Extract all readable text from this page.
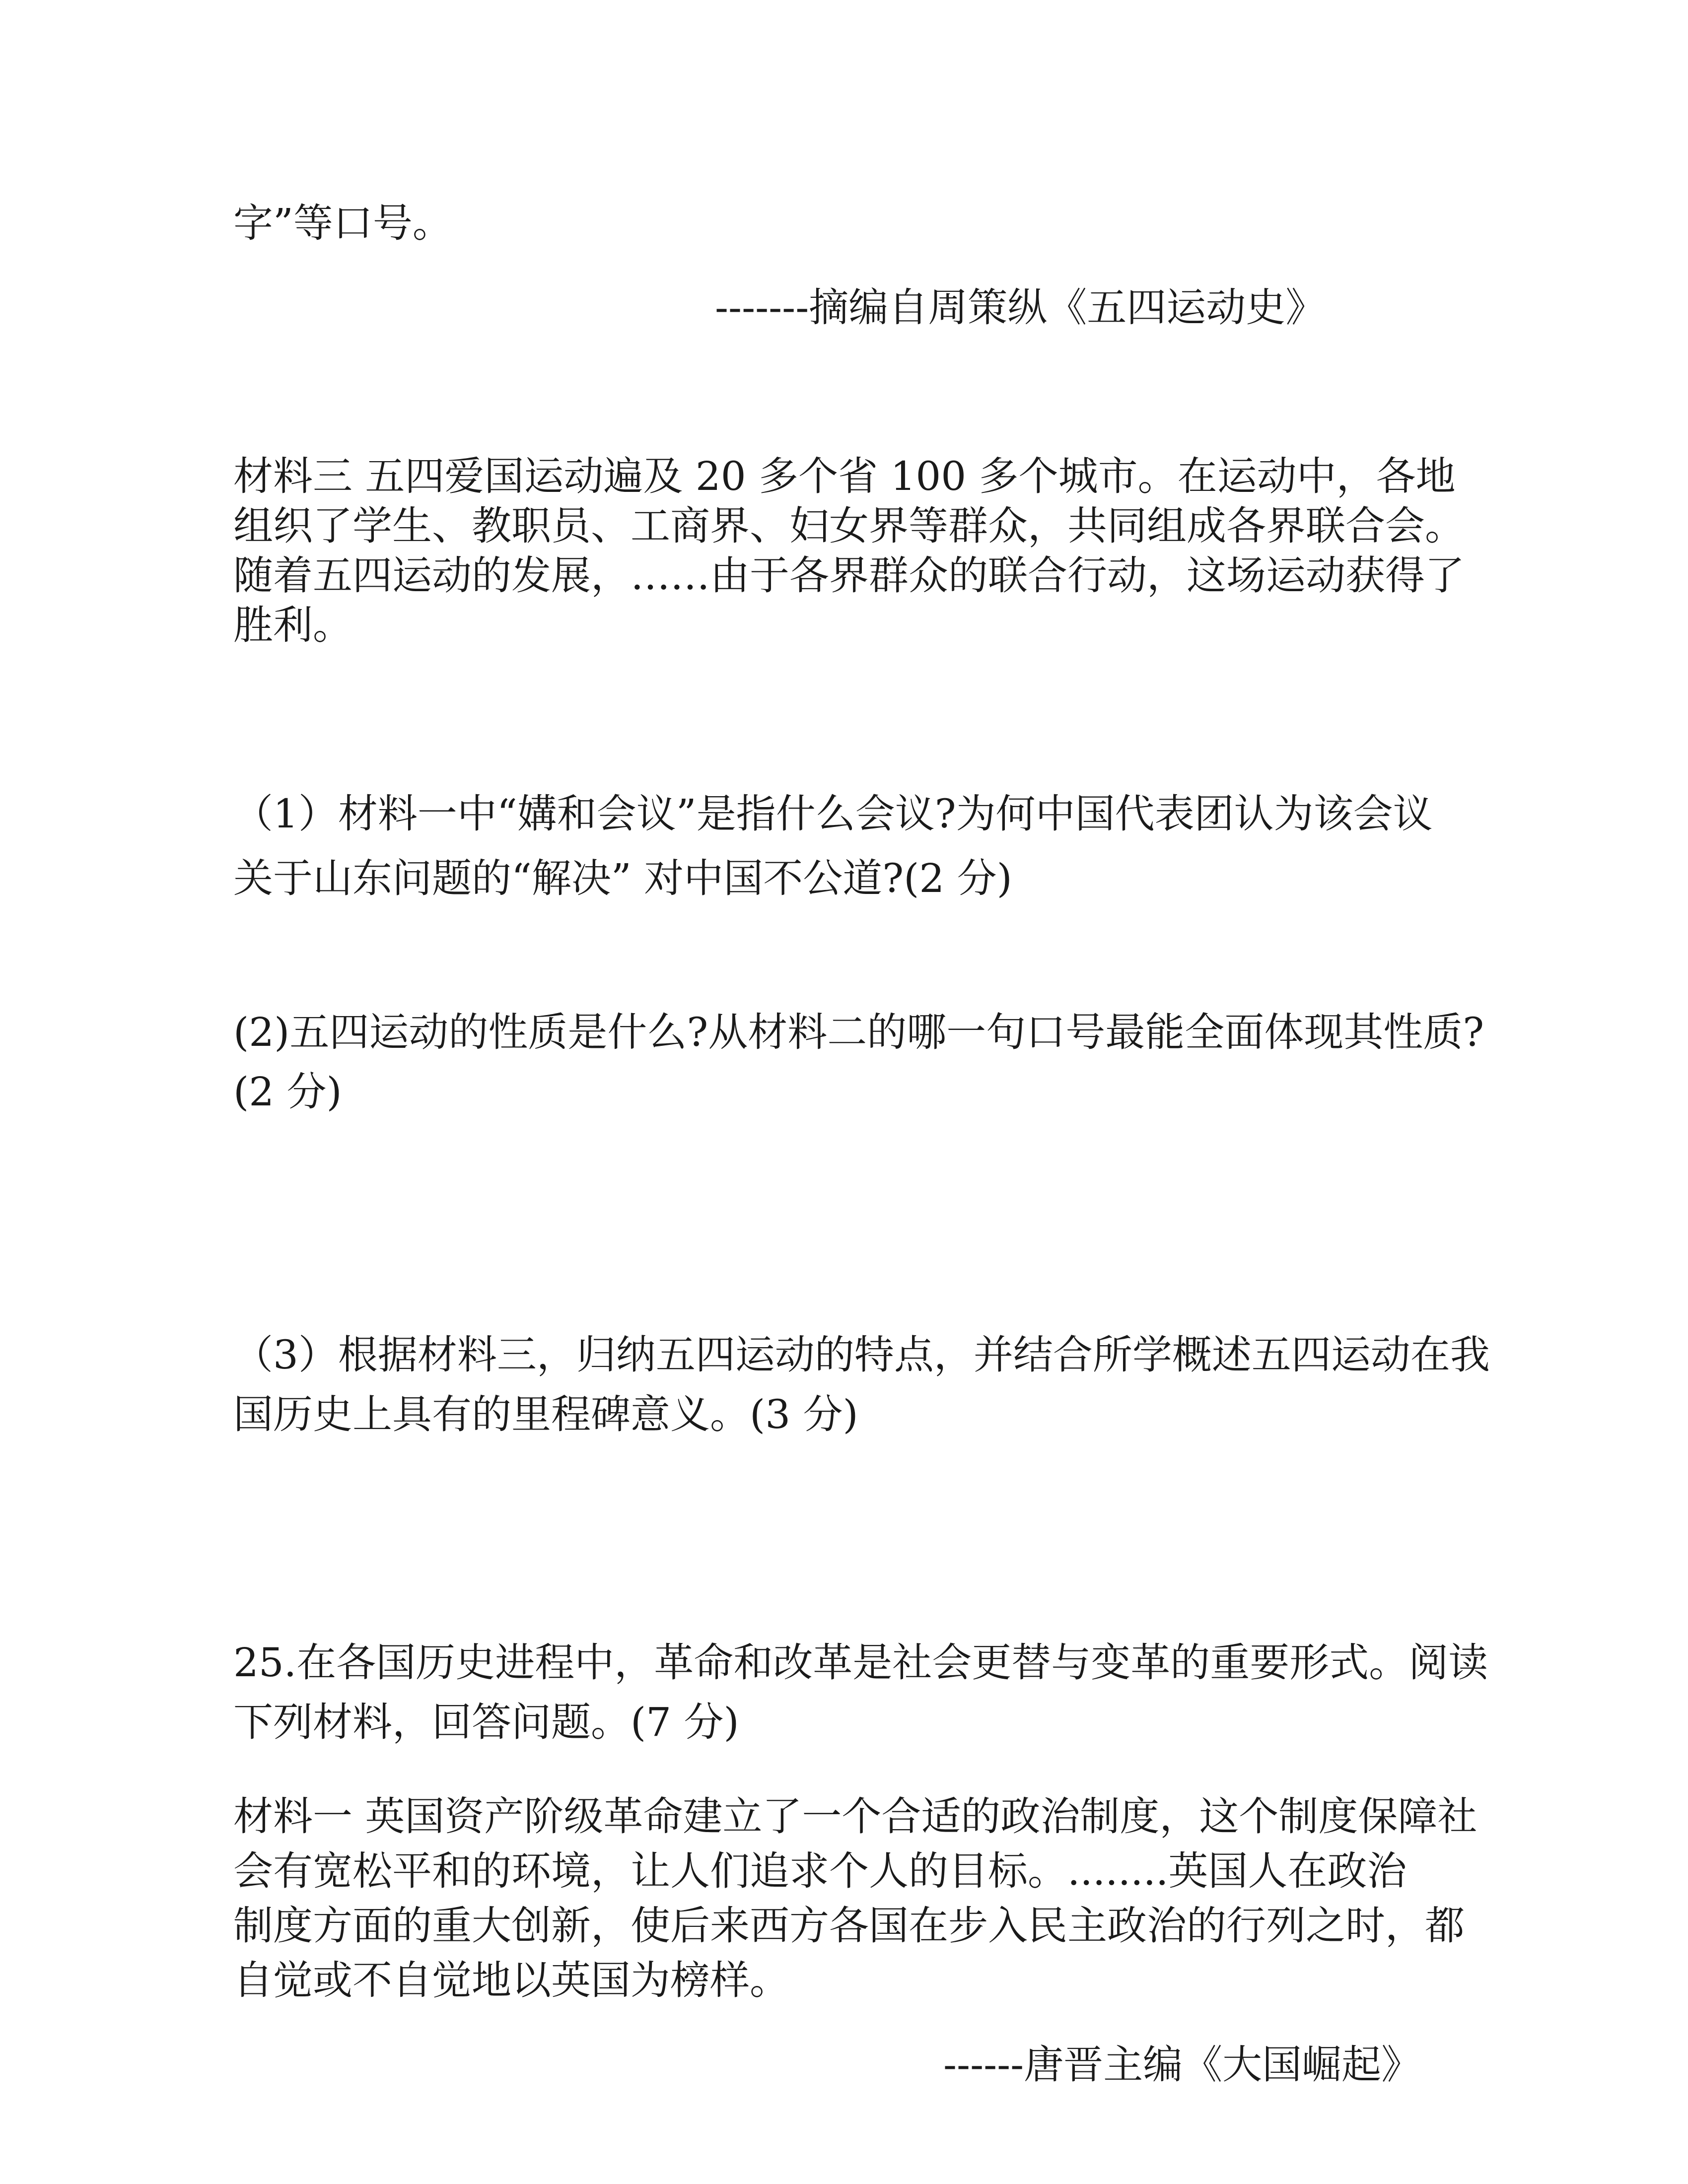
字”等口号。

-------摘编自周策纵《五四运动史》

材料三 五四爱国运动遍及 20 多个省 100 多个城市。在运动中，各地

组织了学生、教职员、工商界、妇女界等群众，共同组成各界联合会。

随着五四运动的发展，……由于各界群众的联合行动，这场运动获得了

胜利。

（1）材料一中“媾和会议”是指什么会议?为何中国代表团认为该会议

关于山东问题的“解决” 对中国不公道?(2 分)

(2)五四运动的性质是什么?从材料二的哪一句口号最能全面体现其性质?

(2 分)

（3）根据材料三，归纳五四运动的特点，并结合所学概述五四运动在我

国历史上具有的里程碑意义。(3 分)

25.在各国历史进程中，革命和改革是社会更替与变革的重要形式。阅读

下列材料，回答问题。(7 分)

材料一 英国资产阶级革命建立了一个合适的政治制度，这个制度保障社

会有宽松平和的环境，让人们追求个人的目标。........英国人在政治

制度方面的重大创新，使后来西方各国在步入民主政治的行列之时，都

自觉或不自觉地以英国为榜样。

------唐晋主编《大国崛起》
